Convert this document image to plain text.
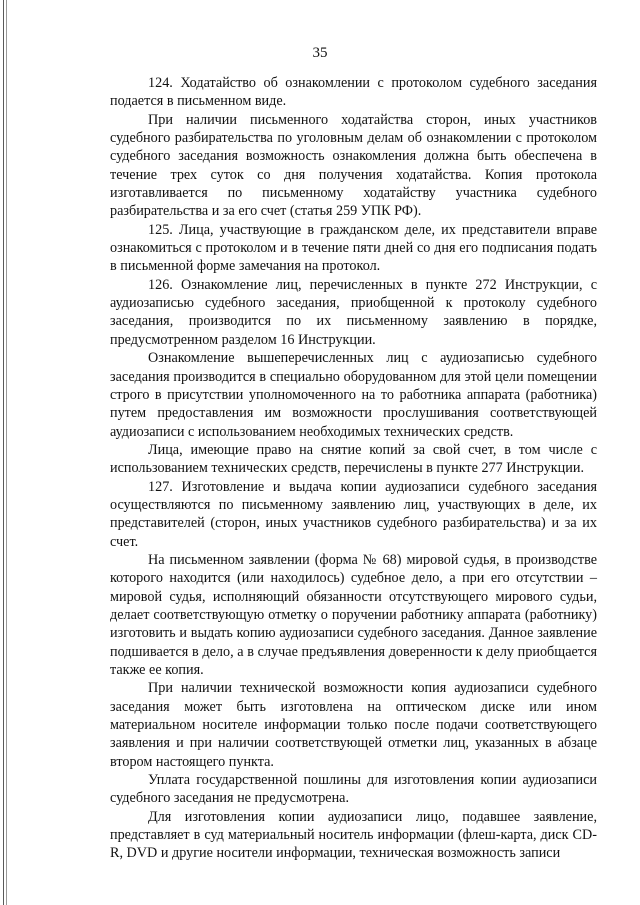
35

124. Ходатайство об ознакомлении с протоколом судебного заседания подается в письменном виде.

При наличии письменного ходатайства сторон, иных участников судебного разбирательства по уголовным делам об ознакомлении с протоколом судебного заседания возможность ознакомления должна быть обеспечена в течение трех суток со дня получения ходатайства. Копия протокола изготавливается по письменному ходатайству участника судебного разбирательства и за его счет (статья 259 УПК РФ).

125. Лица, участвующие в гражданском деле, их представители вправе ознакомиться с протоколом и в течение пяти дней со дня его подписания подать в письменной форме замечания на протокол.

126. Ознакомление лиц, перечисленных в пункте 272 Инструкции, с аудиозаписью судебного заседания, приобщенной к протоколу судебного заседания, производится по их письменному заявлению в порядке, предусмотренном разделом 16 Инструкции.

Ознакомление вышеперечисленных лиц с аудиозаписью судебного заседания производится в специально оборудованном для этой цели помещении строго в присутствии уполномоченного на то работника аппарата (работника) путем предоставления им возможности прослушивания соответствующей аудиозаписи с использованием необходимых технических средств.

Лица, имеющие право на снятие копий за свой счет, в том числе с использованием технических средств, перечислены в пункте 277 Инструкции.

127. Изготовление и выдача копии аудиозаписи судебного заседания осуществляются по письменному заявлению лиц, участвующих в деле, их представителей (сторон, иных участников судебного разбирательства) и за их счет.

На письменном заявлении (форма № 68) мировой судья, в производстве которого находится (или находилось) судебное дело, а при его отсутствии – мировой судья, исполняющий обязанности отсутствующего мирового судьи, делает соответствующую отметку о поручении работнику аппарата (работнику) изготовить и выдать копию аудиозаписи судебного заседания. Данное заявление подшивается в дело, а в случае предъявления доверенности к делу приобщается также ее копия.

При наличии технической возможности копия аудиозаписи судебного заседания может быть изготовлена на оптическом диске или ином материальном носителе информации только после подачи соответствующего заявления и при наличии соответствующей отметки лиц, указанных в абзаце втором настоящего пункта.

Уплата государственной пошлины для изготовления копии аудиозаписи судебного заседания не предусмотрена.

Для изготовления копии аудиозаписи лицо, подавшее заявление, представляет в суд материальный носитель информации (флеш-карта, диск CD-R, DVD и другие носители информации, техническая возможность записи
